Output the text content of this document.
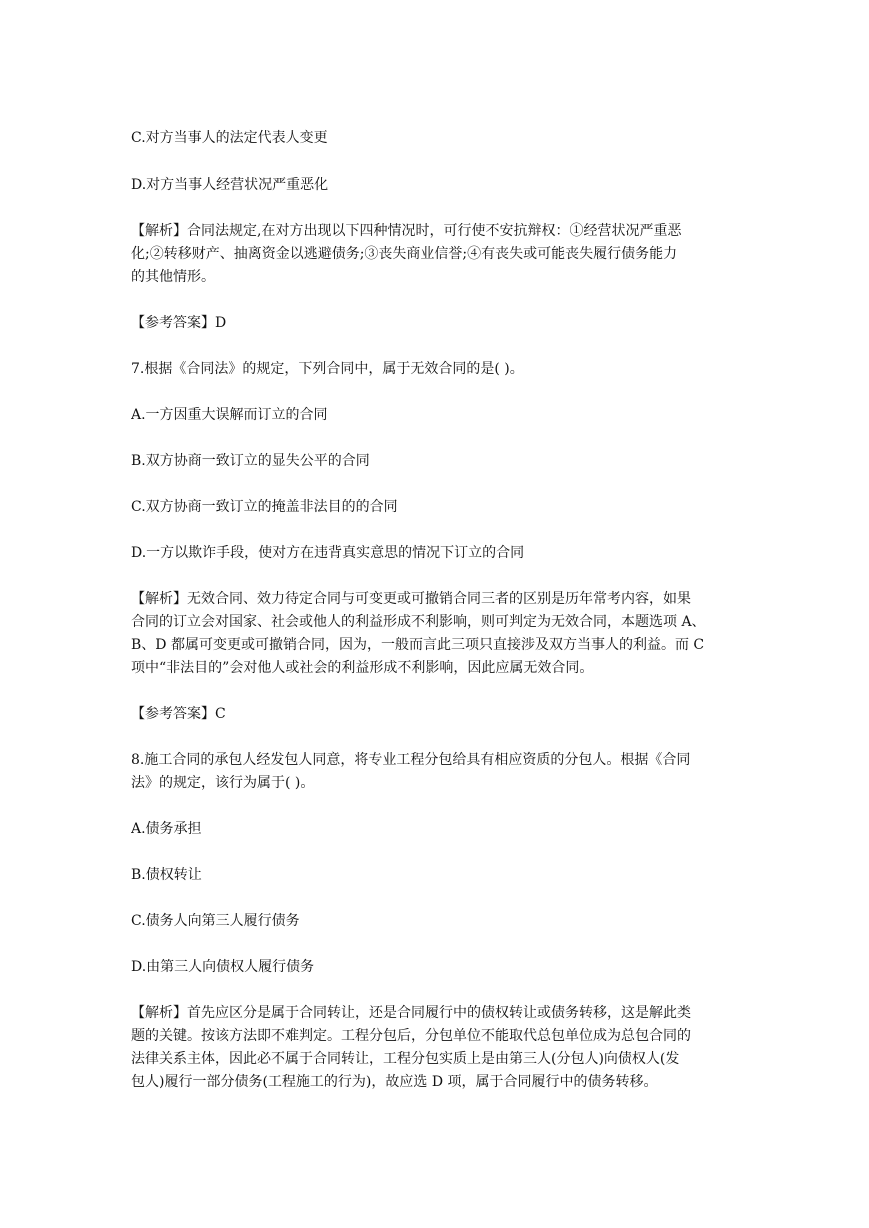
C.对方当事人的法定代表人变更
D.对方当事人经营状况严重恶化
【解析】合同法规定,在对方出现以下四种情况时，可行使不安抗辩权：①经营状况严重恶
化;②转移财产、抽离资金以逃避债务;③丧失商业信誉;④有丧失或可能丧失履行债务能力
的其他情形。
【参考答案】D
7.根据《合同法》的规定，下列合同中，属于无效合同的是( )。
A.一方因重大误解而订立的合同
B.双方协商一致订立的显失公平的合同
C.双方协商一致订立的掩盖非法目的的合同
D.一方以欺诈手段，使对方在违背真实意思的情况下订立的合同
【解析】无效合同、效力待定合同与可变更或可撤销合同三者的区别是历年常考内容，如果
合同的订立会对国家、社会或他人的利益形成不利影响，则可判定为无效合同，本题选项 A、
B、D 都属可变更或可撤销合同，因为，一般而言此三项只直接涉及双方当事人的利益。而 C
项中“非法目的”会对他人或社会的利益形成不利影响，因此应属无效合同。
【参考答案】C
8.施工合同的承包人经发包人同意，将专业工程分包给具有相应资质的分包人。根据《合同
法》的规定，该行为属于( )。
A.债务承担
B.债权转让
C.债务人向第三人履行债务
D.由第三人向债权人履行债务
【解析】首先应区分是属于合同转让，还是合同履行中的债权转让或债务转移，这是解此类
题的关键。按该方法即不难判定。工程分包后，分包单位不能取代总包单位成为总包合同的
法律关系主体，因此必不属于合同转让，工程分包实质上是由第三人(分包人)向债权人(发
包人)履行一部分债务(工程施工的行为)，故应选 D 项，属于合同履行中的债务转移。
